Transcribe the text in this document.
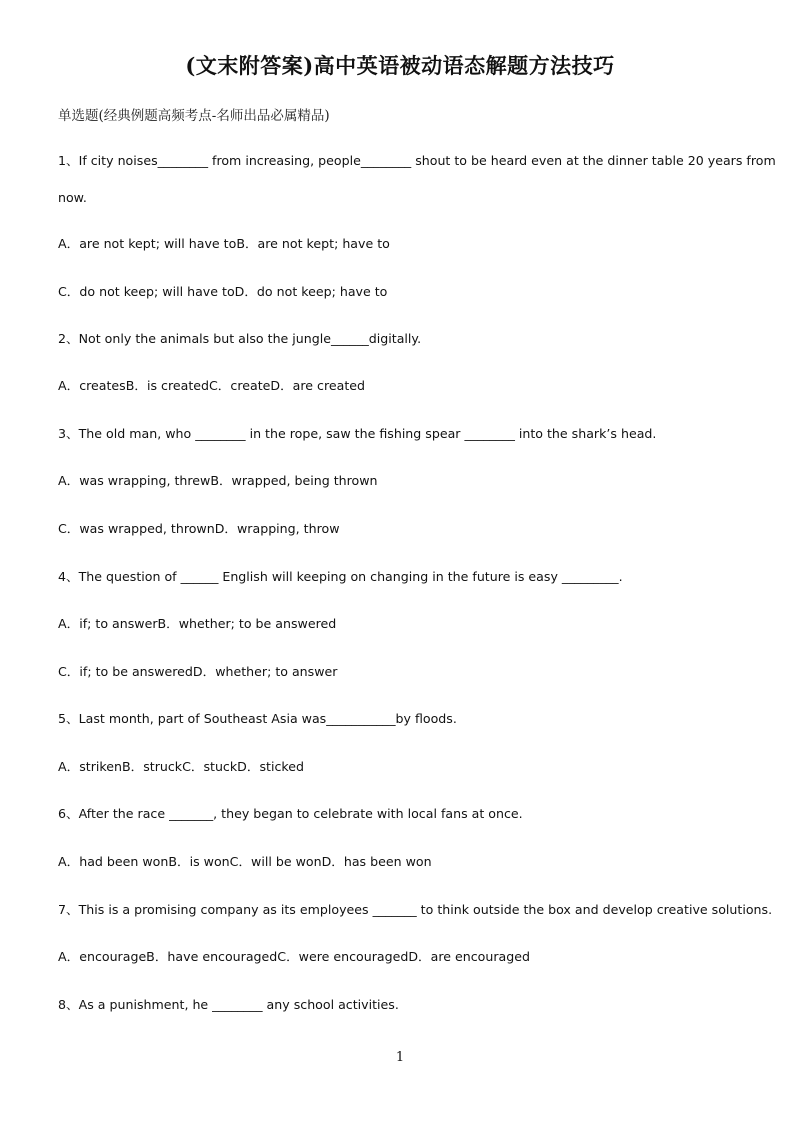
(文末附答案)高中英语被动语态解题方法技巧
单选题(经典例题高频考点-名师出品必属精品)
1、If city noises________ from increasing, people________ shout to be heard even at the dinner table 20 years from
now.
A．are not kept; will have toB．are not kept; have to
C．do not keep; will have toD．do not keep; have to
2、Not only the animals but also the jungle______digitally.
A．createsB．is createdC．createD．are created
3、The old man, who ________ in the rope, saw the fishing spear ________ into the shark’s head.
A．was wrapping, threwB．wrapped, being thrown
C．was wrapped, thrownD．wrapping, throw
4、The question of ______ English will keeping on changing in the future is easy _________.
A．if; to answerB．whether; to be answered
C．if; to be answeredD．whether; to answer
5、Last month, part of Southeast Asia was___________by floods.
A．strikenB．struckC．stuckD．sticked
6、After the race _______, they began to celebrate with local fans at once.
A．had been wonB．is wonC．will be wonD．has been won
7、This is a promising company as its employees _______ to think outside the box and develop creative solutions.
A．encourageB．have encouragedC．were encouragedD．are encouraged
8、As a punishment, he ________ any school activities.
1
